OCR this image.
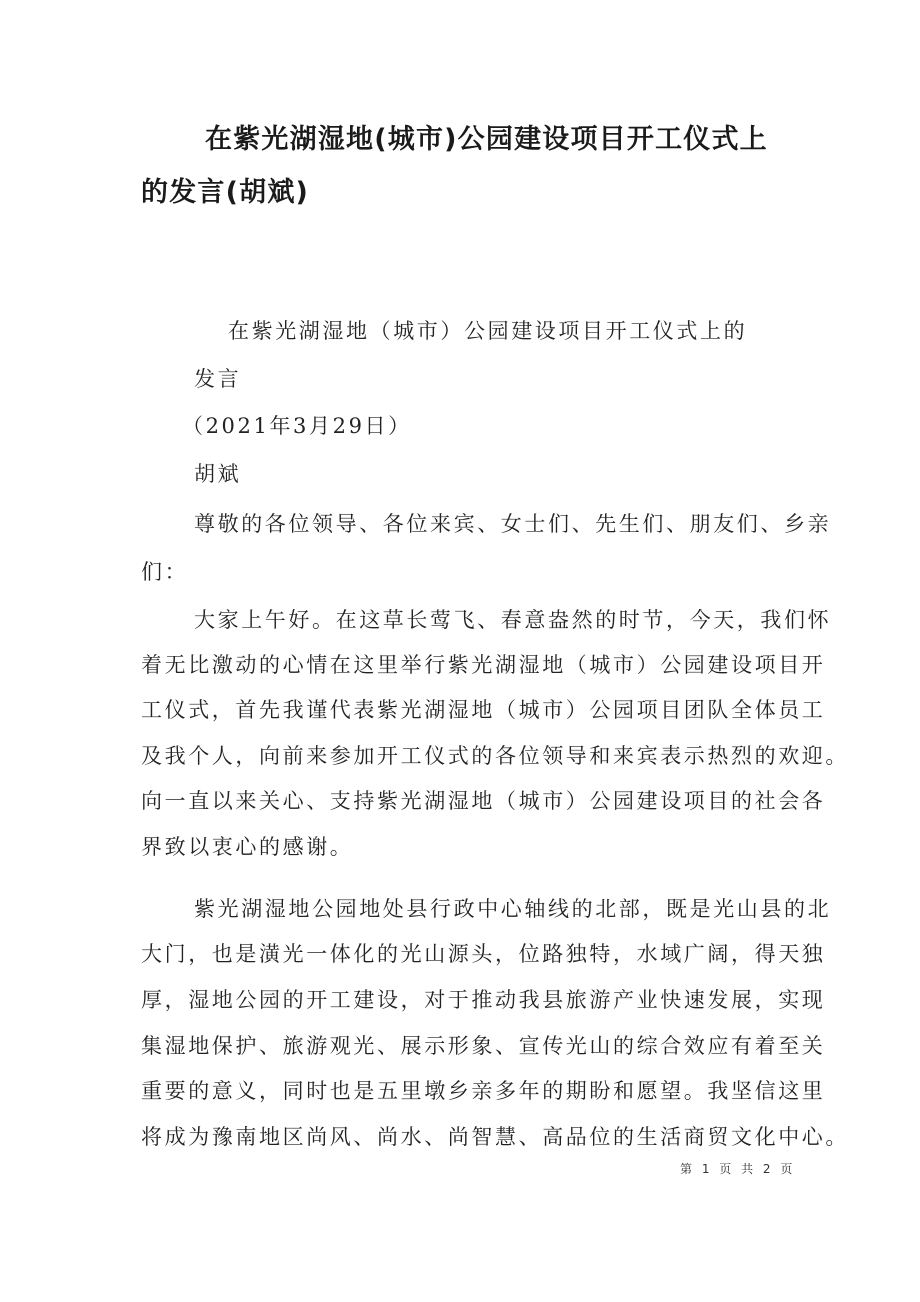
在紫光湖湿地(城市)公园建设项目开工仪式上
的发言(胡斌)
在紫光湖湿地（城市）公园建设项目开工仪式上的
发言
（2021年3月29日）
胡斌
尊敬的各位领导、各位来宾、女士们、先生们、朋友们、乡亲
们：
大家上午好。在这草长莺飞、春意盎然的时节，今天，我们怀
着无比激动的心情在这里举行紫光湖湿地（城市）公园建设项目开
工仪式，首先我谨代表紫光湖湿地（城市）公园项目团队全体员工
及我个人，向前来参加开工仪式的各位领导和来宾表示热烈的欢迎。
向一直以来关心、支持紫光湖湿地（城市）公园建设项目的社会各
界致以衷心的感谢。
紫光湖湿地公园地处县行政中心轴线的北部，既是光山县的北
大门，也是潢光一体化的光山源头，位路独特，水域广阔，得天独
厚，湿地公园的开工建设，对于推动我县旅游产业快速发展，实现
集湿地保护、旅游观光、展示形象、宣传光山的综合效应有着至关
重要的意义，同时也是五里墩乡亲多年的期盼和愿望。我坚信这里
将成为豫南地区尚风、尚水、尚智慧、高品位的生活商贸文化中心。
第 1 页 共 2 页
